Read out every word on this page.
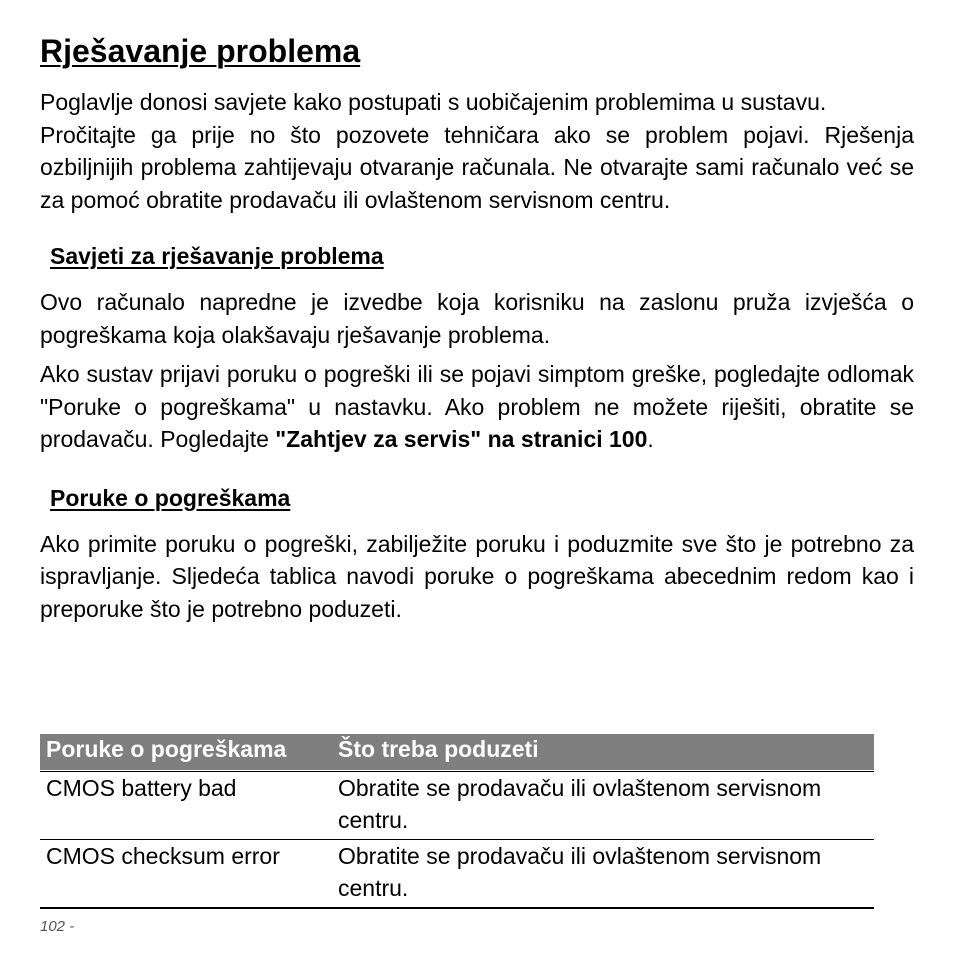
Rješavanje problema

Poglavlje donosi savjete kako postupati s uobičajenim problemima u sustavu.

Pročitajte ga prije no što pozovete tehničara ako se problem pojavi. Rješenja ozbiljnijih problema zahtijevaju otvaranje računala. Ne otvarajte sami računalo već se za pomoć obratite prodavaču ili ovlaštenom servisnom centru.

Savjeti za rješavanje problema

Ovo računalo napredne je izvedbe koja korisniku na zaslonu pruža izvješća o pogreškama koja olakšavaju rješavanje problema.

Ako sustav prijavi poruku o pogreški ili se pojavi simptom greške, pogledajte odlomak "Poruke o pogreškama" u nastavku. Ako problem ne možete riješiti, obratite se prodavaču. Pogledajte "Zahtjev za servis" na stranici 100.

Poruke o pogreškama

Ako primite poruku o pogreški, zabilježite poruku i poduzmite sve što je potrebno za ispravljanje. Sljedeća tablica navodi poruke o pogreškama abecednim redom kao i preporuke što je potrebno poduzeti.

Poruke o pogreškama	Što treba poduzeti
CMOS battery bad	Obratite se prodavaču ili ovlaštenom servisnom centru.
CMOS checksum error	Obratite se prodavaču ili ovlaštenom servisnom centru.
102 -
